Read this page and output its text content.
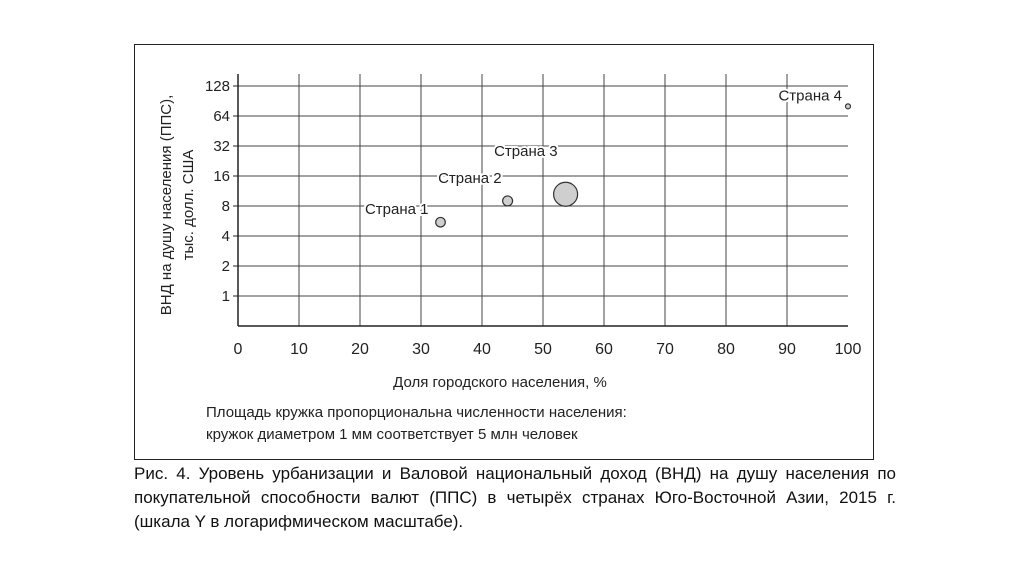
1
2
4
8
16
32
64
128
0	10	20	30	40	50	60	70	80	90 100
Доля городского населения, %
ВНД на душу населения (ППС), тыс. долл. США	Страна 1
Страна 2
Страна 3
Страна 4
Площадь кружка пропорциональна численности населения:
кружок диаметром 1 мм соответствует 5 млн человек
Рис. 4. Уровень урбанизации и Валовой национальный доход (ВНД) на душу населения по покупательной способности валют (ППС) в четырёх странах Юго-Восточной Азии, 2015 г. (шкала Y в логарифмическом масштабе).
